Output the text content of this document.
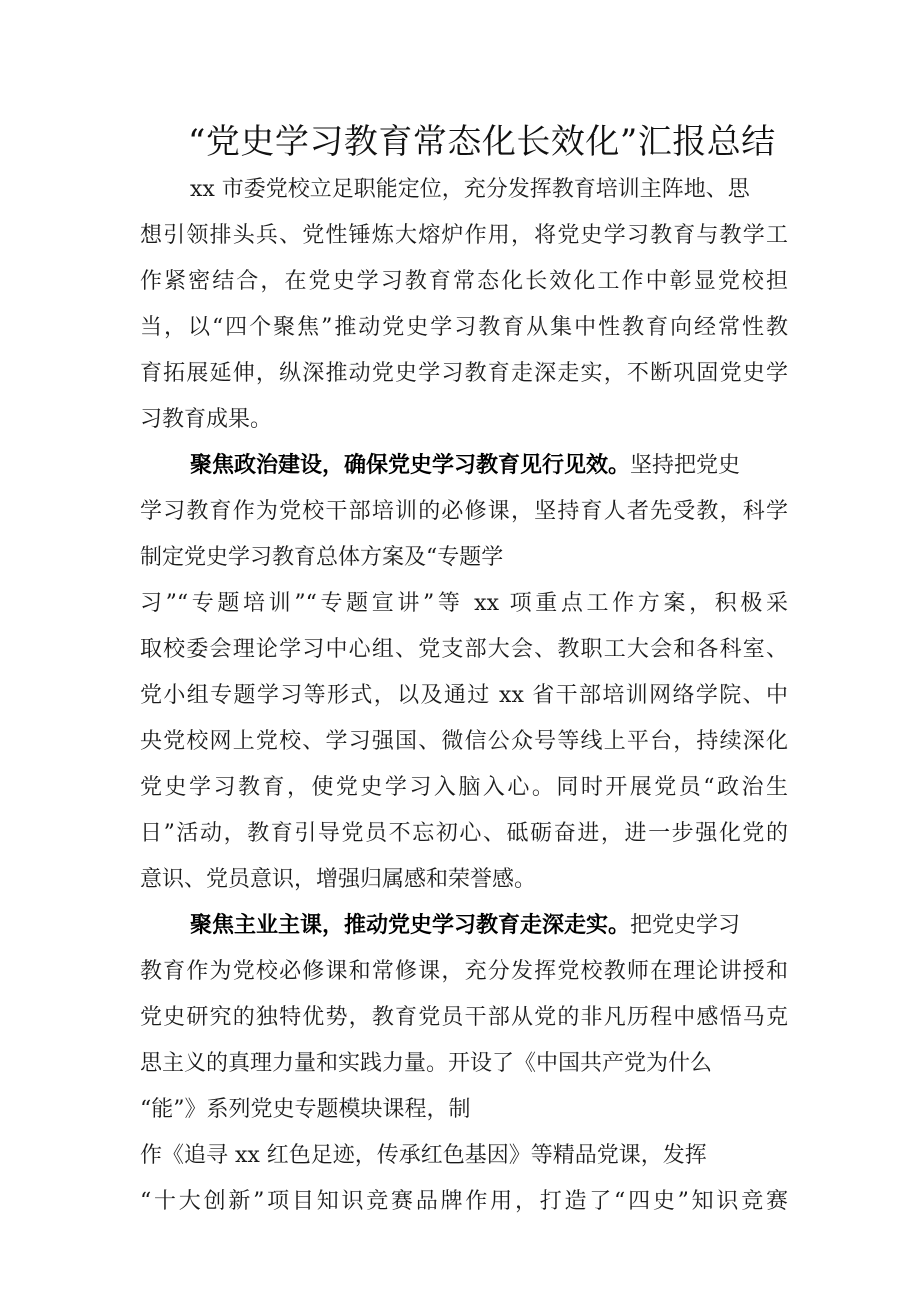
“党史学习教育常态化长效化”汇报总结
xx 市委党校立足职能定位，充分发挥教育培训主阵地、思
想引领排头兵、党性锤炼大熔炉作用，将党史学习教育与教学工
作紧密结合，在党史学习教育常态化长效化工作中彰显党校担
当，以“四个聚焦”推动党史学习教育从集中性教育向经常性教
育拓展延伸，纵深推动党史学习教育走深走实，不断巩固党史学
习教育成果。
聚焦政治建设，确保党史学习教育见行见效。坚持把党史
学习教育作为党校干部培训的必修课，坚持育人者先受教，科学
制定党史学习教育总体方案及“专题学
习”“专题培训”“专题宣讲”等 xx 项重点工作方案，积极采
取校委会理论学习中心组、党支部大会、教职工大会和各科室、
党小组专题学习等形式，以及通过 xx 省干部培训网络学院、中
央党校网上党校、学习强国、微信公众号等线上平台，持续深化
党史学习教育，使党史学习入脑入心。同时开展党员“政治生
日”活动，教育引导党员不忘初心、砥砺奋进，进一步强化党的
意识、党员意识，增强归属感和荣誉感。
聚焦主业主课，推动党史学习教育走深走实。把党史学习
教育作为党校必修课和常修课，充分发挥党校教师在理论讲授和
党史研究的独特优势，教育党员干部从党的非凡历程中感悟马克
思主义的真理力量和实践力量。开设了《中国共产党为什么
“能”》系列党史专题模块课程，制
作《追寻 xx 红色足迹，传承红色基因》等精品党课，发挥
“十大创新”项目知识竞赛品牌作用，打造了“四史”知识竞赛
